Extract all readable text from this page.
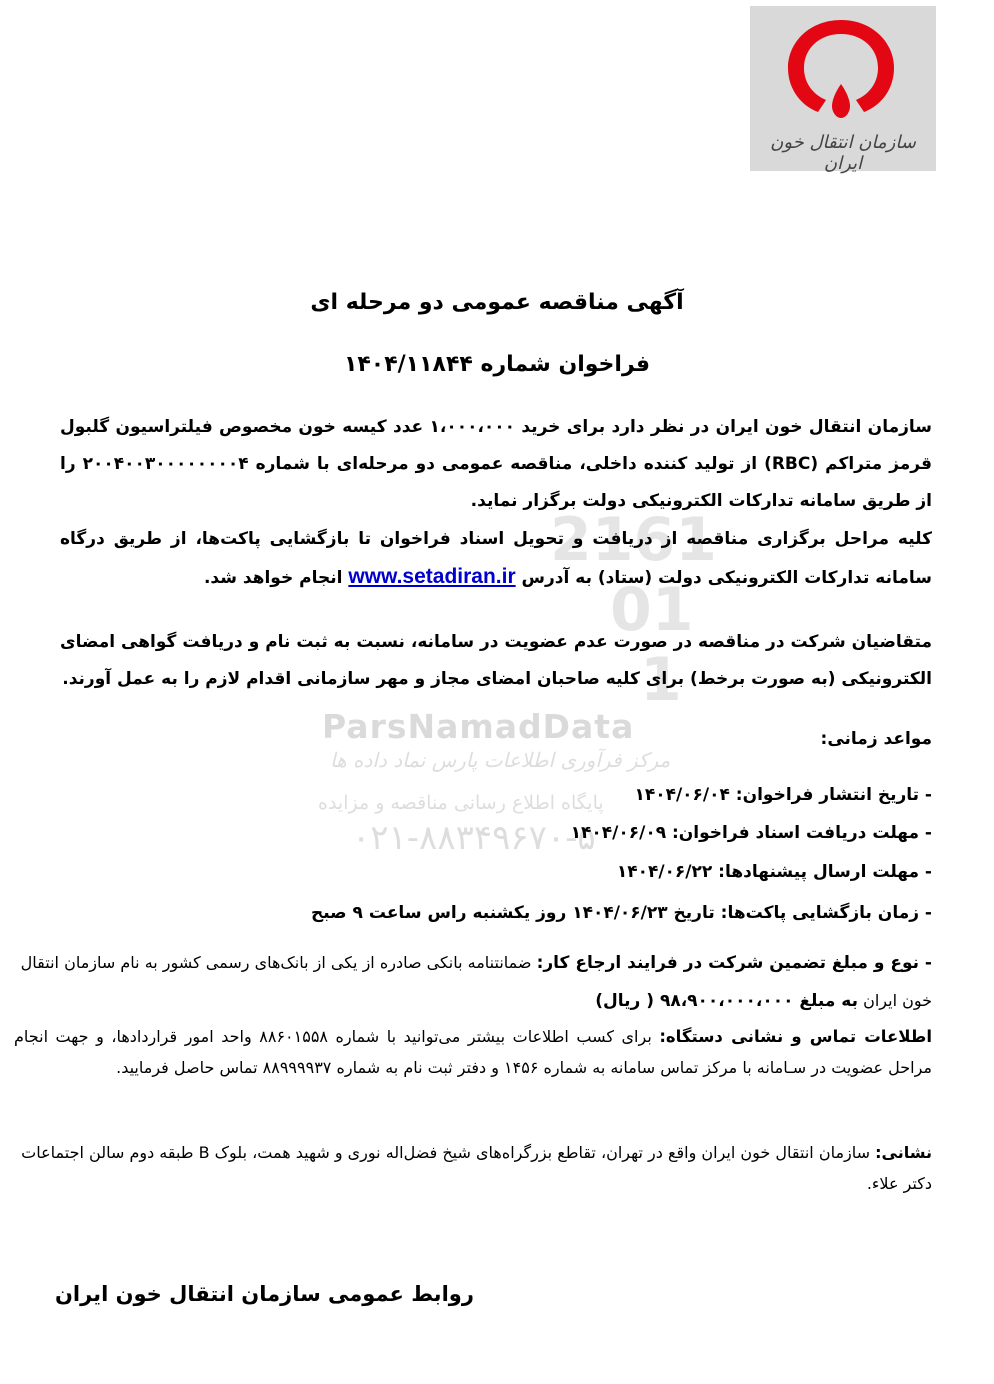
سازمان انتقال خون ایران
2161
01
1
ParsNamadData
مرکز فرآوری اطلاعات پارس نماد داده ها
پایگاه اطلاع رسانی مناقصه و مزایده
۰۲۱-۸۸۳۴۹۶۷۰-۵
آگهی مناقصه عمومی دو مرحله ای
فراخوان شماره ۱۴۰۴/۱۱۸۴۴
سازمان انتقال خون ایران در نظر دارد برای خرید ۱،۰۰۰،۰۰۰ عدد کیسه خون مخصوص فیلتراسیون گلبول قرمز متراکم (RBC) از تولید کننده داخلی، مناقصه عمومی دو مرحله‌ای با شماره ۲۰۰۴۰۰۳۰۰۰۰۰۰۰۰۴ را از طریق سامانه تدارکات الکترونیکی دولت برگزار نماید.
کلیه مراحل برگزاری مناقصه از دریافت و تحویل اسناد فراخوان تا بازگشایی پاکت‌ها، از طریق درگاه سامانه تدارکات الکترونیکی دولت (ستاد) به آدرس www.setadiran.ir انجام خواهد شد.
متقاضیان شرکت در مناقصه در صورت عدم عضویت در سامانه، نسبت به ثبت نام و دریافت گواهی امضای الکترونیکی (به صورت برخط) برای کلیه صاحبان امضای مجاز و مهر سازمانی اقدام لازم را به عمل آورند.
مواعد زمانی:
- تاریخ انتشار فراخوان: ۱۴۰۴/۰۶/۰۴
- مهلت دریافت اسناد فراخوان: ۱۴۰۴/۰۶/۰۹
- مهلت ارسال پیشنهادها: ۱۴۰۴/۰۶/۲۲
- زمان بازگشایی پاکت‌ها: تاریخ ۱۴۰۴/۰۶/۲۳ روز یکشنبه راس ساعت ۹ صبح
- نوع و مبلغ تضمین شرکت در فرایند ارجاع کار: ضمانتنامه بانکی صادره از یکی از بانک‌های رسمی کشور به نام سازمان انتقال خون ایران به مبلغ ۹۸،۹۰۰،۰۰۰،۰۰۰ ( ریال)
اطلاعات تماس و نشانی دستگاه: برای کسب اطلاعات بیشتر می‌توانید با شماره ۸۸۶۰۱۵۵۸ واحد امور قراردادها، و جهت انجام مراحل عضویت در سـامانه با مرکز تماس سامانه به شماره ۱۴۵۶ و دفتر ثبت نام به شماره ۸۸۹۹۹۹۳۷ تماس حاصل فرمایید.
نشانی: سازمان انتقال خون ایران واقع در تهران، تقاطع بزرگراه‌های شیخ فضل‌اله نوری و شهید همت، بلوک B طبقه دوم سالن اجتماعات دکتر علاء.
روابط عمومی سازمان انتقال خون ایران
